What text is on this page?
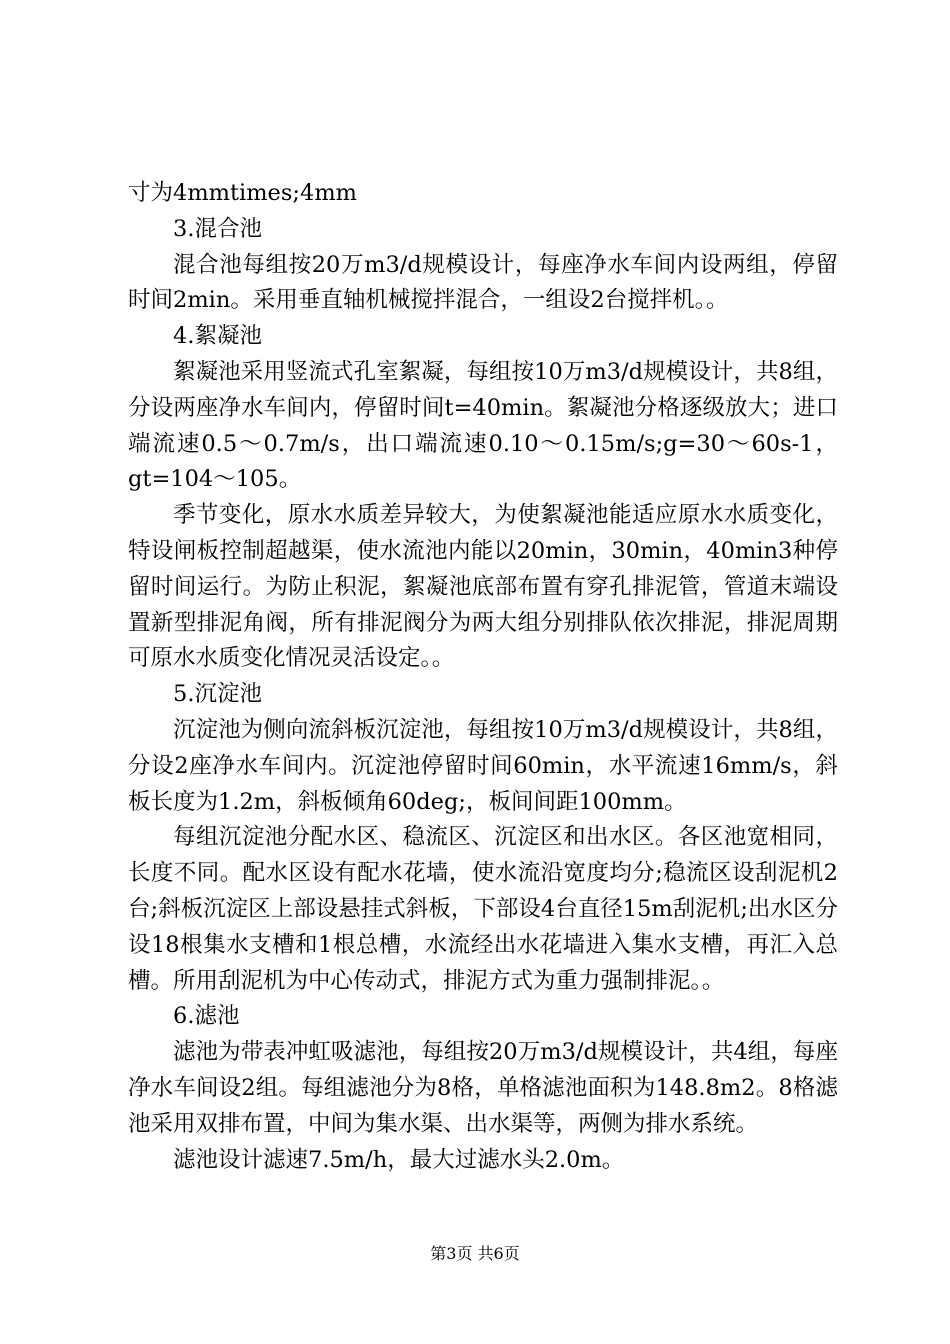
寸为4mmtimes;4mm

3.混合池

混合池每组按20万m3/d规模设计，每座净水车间内设两组，停留时间2min。采用垂直轴机械搅拌混合，一组设2台搅拌机。。

4.絮凝池

絮凝池采用竖流式孔室絮凝，每组按10万m3/d规模设计，共8组，分设两座净水车间内，停留时间t=40min。絮凝池分格逐级放大；进口端流速0.5～0.7m/s，出口端流速0.10～0.15m/s;g=30～60s-1，gt=104～105。

季节变化，原水水质差异较大，为使絮凝池能适应原水水质变化，特设闸板控制超越渠，使水流池内能以20min，30min，40min3种停留时间运行。为防止积泥，絮凝池底部布置有穿孔排泥管，管道末端设置新型排泥角阀，所有排泥阀分为两大组分别排队依次排泥，排泥周期可原水水质变化情况灵活设定。。

5.沉淀池

沉淀池为侧向流斜板沉淀池，每组按10万m3/d规模设计，共8组，分设2座净水车间内。沉淀池停留时间60min，水平流速16mm/s，斜板长度为1.2m，斜板倾角60deg;，板间间距100mm。

每组沉淀池分配水区、稳流区、沉淀区和出水区。各区池宽相同，长度不同。配水区设有配水花墙，使水流沿宽度均分;稳流区设刮泥机2台;斜板沉淀区上部设悬挂式斜板，下部设4台直径15m刮泥机;出水区分设18根集水支槽和1根总槽，水流经出水花墙进入集水支槽，再汇入总槽。所用刮泥机为中心传动式，排泥方式为重力强制排泥。。

6.滤池

滤池为带表冲虹吸滤池，每组按20万m3/d规模设计，共4组，每座净水车间设2组。每组滤池分为8格，单格滤池面积为148.8m2。8格滤池采用双排布置，中间为集水渠、出水渠等，两侧为排水系统。

滤池设计滤速7.5m/h，最大过滤水头2.0m。

第3页 共6页
